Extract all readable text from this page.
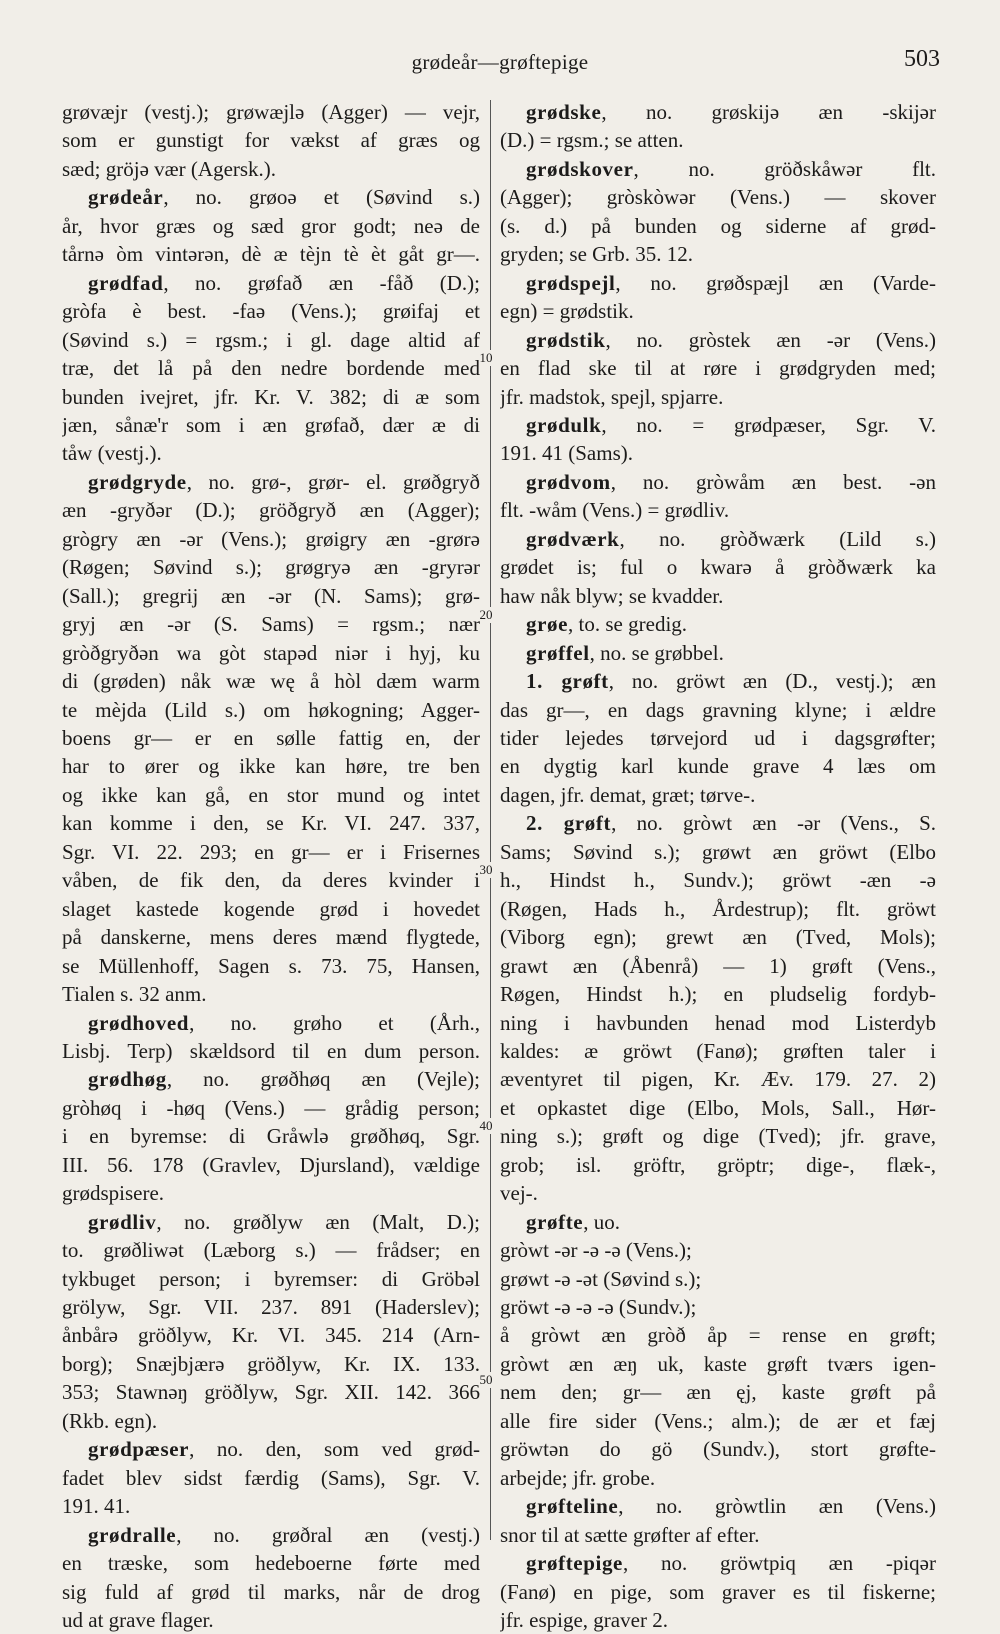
grødeår—grøftepige	503
10
20
30
40
50
grøvæjr (vestj.); grøwæjlə (Agger) — vejr,
som er gunstigt for vækst af græs og
sæd; gröjə vær (Agersk.).
grødeår, no. grøoə et (Søvind s.)
år, hvor græs og sæd gror godt; neə de
tårnə òm vintərən, dè æ tèjn tè èt gåt gr—.
grødfad, no. grøfað æn -fåð (D.);
gròfa è best. -faə (Vens.); grøifaj et
(Søvind s.) = rgsm.; i gl. dage altid af
træ, det lå på den nedre bordende med
bunden ivejret, jfr. Kr. V. 382; di æ som
jæn, sånæ'r som i æn grøfað, dær æ di
tåw (vestj.).
grødgryde, no. grø-, grør- el. grøðgryð
æn -gryðər (D.); gröðgryð æn (Agger);
grògry æn -ər (Vens.); grøigry æn -grørə
(Røgen; Søvind s.); grøgryə æn -gryrər
(Sall.); gregrij æn -ər (N. Sams); grø-
gryj æn -ər (S. Sams) = rgsm.; nær
gròðgryðən wa gòt stapəd niər i hyj, ku
di (grøden) nåk wæ wę å hòl dæm warm
te mèjda (Lild s.) om høkogning; Agger-
boens gr— er en sølle fattig en, der
har to ører og ikke kan høre, tre ben
og ikke kan gå, en stor mund og intet
kan komme i den, se Kr. VI. 247. 337,
Sgr. VI. 22. 293; en gr— er i Frisernes
våben, de fik den, da deres kvinder i
slaget kastede kogende grød i hovedet
på danskerne, mens deres mænd flygtede,
se Müllenhoff, Sagen s. 73. 75, Hansen,
Tialen s. 32 anm.
grødhoved, no. grøho et (Årh.,
Lisbj. Terp) skældsord til en dum person.
grødhøg, no. grøðhøq æn (Vejle);
gròhøq i -høq (Vens.) — grådig person;
i en byremse: di Gråwlə grøðhøq, Sgr.
III. 56. 178 (Gravlev, Djursland), vældige
grødspisere.
grødliv, no. grøðlyw æn (Malt, D.);
to. grøðliwət (Læborg s.) — frådser; en
tykbuget person; i byremser: di Gröbəl
grölyw, Sgr. VII. 237. 891 (Haderslev);
ånbårə gröðlyw, Kr. VI. 345. 214 (Arn-
borg); Snæjbjærə gröðlyw, Kr. IX. 133.
353; Stawnəŋ gröðlyw, Sgr. XII. 142. 366
(Rkb. egn).
grødpæser, no. den, som ved grød-
fadet blev sidst færdig (Sams), Sgr. V.
191. 41.
grødralle, no. grøðral æn (vestj.)
en træske, som hedeboerne førte med
sig fuld af grød til marks, når de drog
ud at grave flager.
grødske, no. grøskijə æn -skijər
(D.) = rgsm.; se atten.
grødskover, no. gröðskåwər flt.
(Agger); gròskòwər (Vens.) — skover
(s. d.) på bunden og siderne af grød-
gryden; se Grb. 35. 12.
grødspejl, no. grøðspæjl æn (Varde-
egn) = grødstik.
grødstik, no. gròstek æn -ər (Vens.)
en flad ske til at røre i grødgryden med;
jfr. madstok, spejl, spjarre.
grødulk, no. = grødpæser, Sgr. V.
191. 41 (Sams).
grødvom, no. gròwåm æn best. -ən
flt. -wåm (Vens.) = grødliv.
grødværk, no. gròðwærk (Lild s.)
grødet is; ful o kwarə å gròðwærk ka
haw nåk blyw; se kvadder.
grøe, to. se gredig.
grøffel, no. se grøbbel.
1. grøft, no. gröwt æn (D., vestj.); æn
das gr—, en dags gravning klyne; i ældre
tider lejedes tørvejord ud i dagsgrøfter;
en dygtig karl kunde grave 4 læs om
dagen, jfr. demat, græt; tørve-.
2. grøft, no. gròwt æn -ər (Vens., S.
Sams; Søvind s.); grøwt æn gröwt (Elbo
h., Hindst h., Sundv.); gröwt -æn -ə
(Røgen, Hads h., Årdestrup); flt. gröwt
(Viborg egn); grewt æn (Tved, Mols);
grawt æn (Åbenrå) — 1) grøft (Vens.,
Røgen, Hindst h.); en pludselig fordyb-
ning i havbunden henad mod Listerdyb
kaldes: æ gröwt (Fanø); grøften taler i
æventyret til pigen, Kr. Æv. 179. 27. 2)
et opkastet dige (Elbo, Mols, Sall., Hør-
ning s.); grøft og dige (Tved); jfr. grave,
grob; isl. gröftr, gröptr; dige-, flæk-,
vej-.
grøfte, uo.
gròwt -ər -ə -ə (Vens.);
grøwt -ə -ət (Søvind s.);
gröwt -ə -ə -ə (Sundv.);
å gròwt æn gròð åp = rense en grøft;
gròwt æn æŋ uk, kaste grøft tværs igen-
nem den; gr— æn ęj, kaste grøft på
alle fire sider (Vens.; alm.); de ær et fæj
gröwtən do gö (Sundv.), stort grøfte-
arbejde; jfr. grobe.
grøfteline, no. gròwtlin æn (Vens.)
snor til at sætte grøfter af efter.
grøftepige, no. gröwtpiq æn -piqər
(Fanø) en pige, som graver es til fiskerne;
jfr. espige, graver 2.
